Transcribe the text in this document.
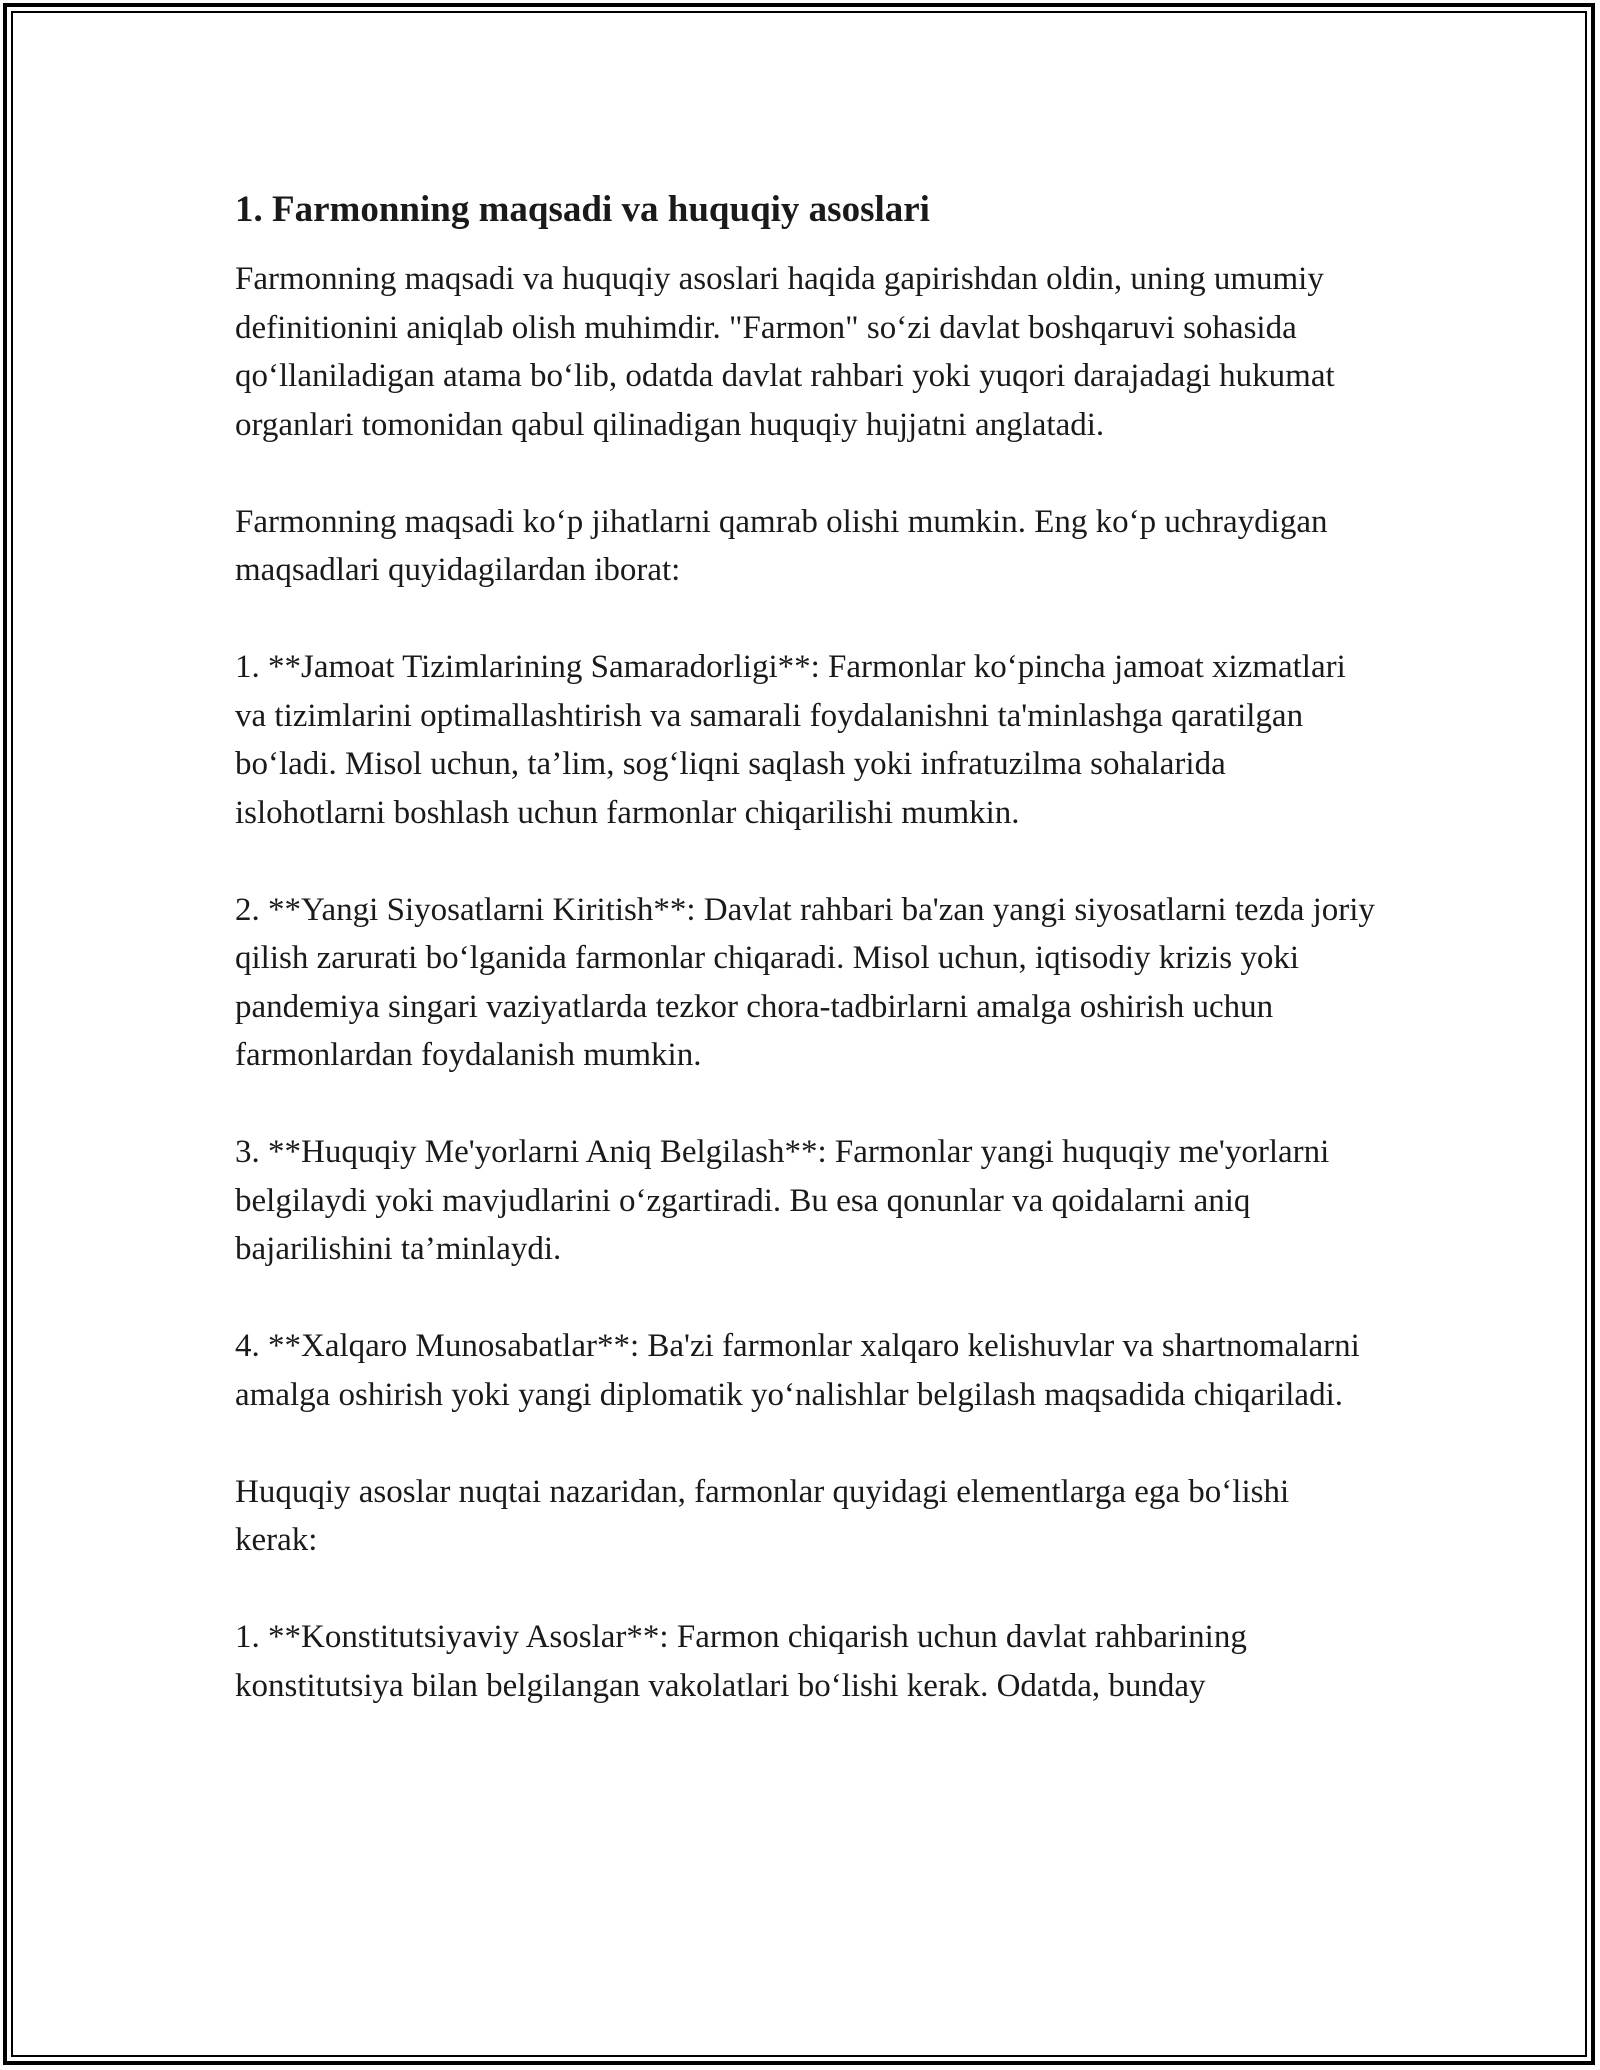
1. Farmonning maqsadi va huquqiy asoslari

Farmonning maqsadi va huquqiy asoslari haqida gapirishdan oldin, uning umumiy definitionini aniqlab olish muhimdir. "Farmon" so‘zi davlat boshqaruvi sohasida qo‘llaniladigan atama bo‘lib, odatda davlat rahbari yoki yuqori darajadagi hukumat organlari tomonidan qabul qilinadigan huquqiy hujjatni anglatadi.

Farmonning maqsadi ko‘p jihatlarni qamrab olishi mumkin. Eng ko‘p uchraydigan maqsadlari quyidagilardan iborat:

1. **Jamoat Tizimlarining Samaradorligi**: Farmonlar ko‘pincha jamoat xizmatlari va tizimlarini optimallashtirish va samarali foydalanishni ta'minlashga qaratilgan bo‘ladi. Misol uchun, ta’lim, sog‘liqni saqlash yoki infratuzilma sohalarida islohotlarni boshlash uchun farmonlar chiqarilishi mumkin.

2. **Yangi Siyosatlarni Kiritish**: Davlat rahbari ba'zan yangi siyosatlarni tezda joriy qilish zarurati bo‘lganida farmonlar chiqaradi. Misol uchun, iqtisodiy krizis yoki pandemiya singari vaziyatlarda tezkor chora-tadbirlarni amalga oshirish uchun farmonlardan foydalanish mumkin.

3. **Huquqiy Me'yorlarni Aniq Belgilash**: Farmonlar yangi huquqiy me'yorlarni belgilaydi yoki mavjudlarini o‘zgartiradi. Bu esa qonunlar va qoidalarni aniq bajarilishini ta’minlaydi.

4. **Xalqaro Munosabatlar**: Ba'zi farmonlar xalqaro kelishuvlar va shartnomalarni amalga oshirish yoki yangi diplomatik yo‘nalishlar belgilash maqsadida chiqariladi.

Huquqiy asoslar nuqtai nazaridan, farmonlar quyidagi elementlarga ega bo‘lishi kerak:

1. **Konstitutsiyaviy Asoslar**: Farmon chiqarish uchun davlat rahbarining konstitutsiya bilan belgilangan vakolatlari bo‘lishi kerak. Odatda, bunday
